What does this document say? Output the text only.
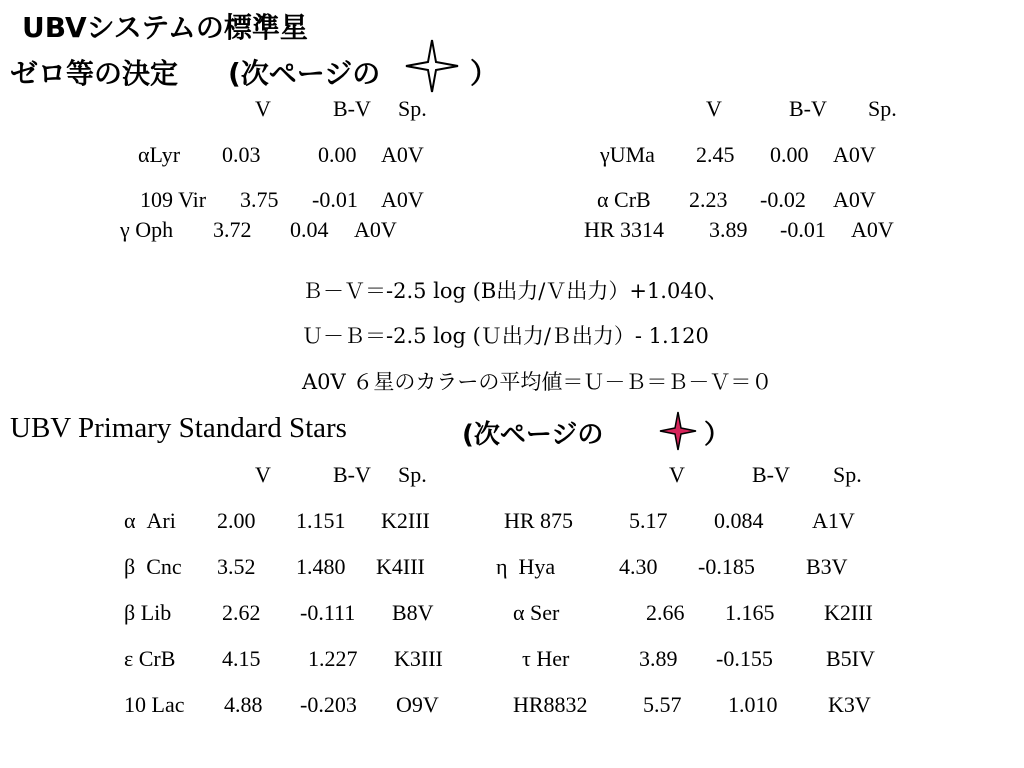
UBVシステムの標準星
ゼロ等の決定 (次ページの	）
V	B-V Sp.	V	B-V Sp.
αLyr 0.03	0.00 A0V
109 Vir 3.75 -0.01 A0V
γ Oph 3.72 0.04 A0V
γUMa 2.45 0.00 A0V
α CrB 2.23 -0.02 A0V
HR 3314 3.89 -0.01 A0V
Ｂ－Ｖ＝-2.5 log (B出力/Ｖ出力）+1.040、
Ｕ－Ｂ＝-2.5 log (Ｕ出力/Ｂ出力）- 1.120
A0V ６星のカラーの平均値＝Ｕ－Ｂ＝Ｂ－Ｖ＝０
UBV Primary Standard Stars	(次ページの	）
V	B-V Sp.	V	B-V Sp.
α  Ari 2.00 1.151 K2III
β  Cnc 3.52 1.480 K4III
β Lib 2.62 -0.111 B8V
ε CrB 4.15 1.227 K3III
10 Lac 4.88 -0.203 O9V
HR 875	5.17 0.084 A1V
η  Hya	4.30 -0.185 B3V
α Ser	2.66 1.165 K2III
τ Her	3.89 -0.155 B5IV
HR8832	5.57 1.010 K3V
